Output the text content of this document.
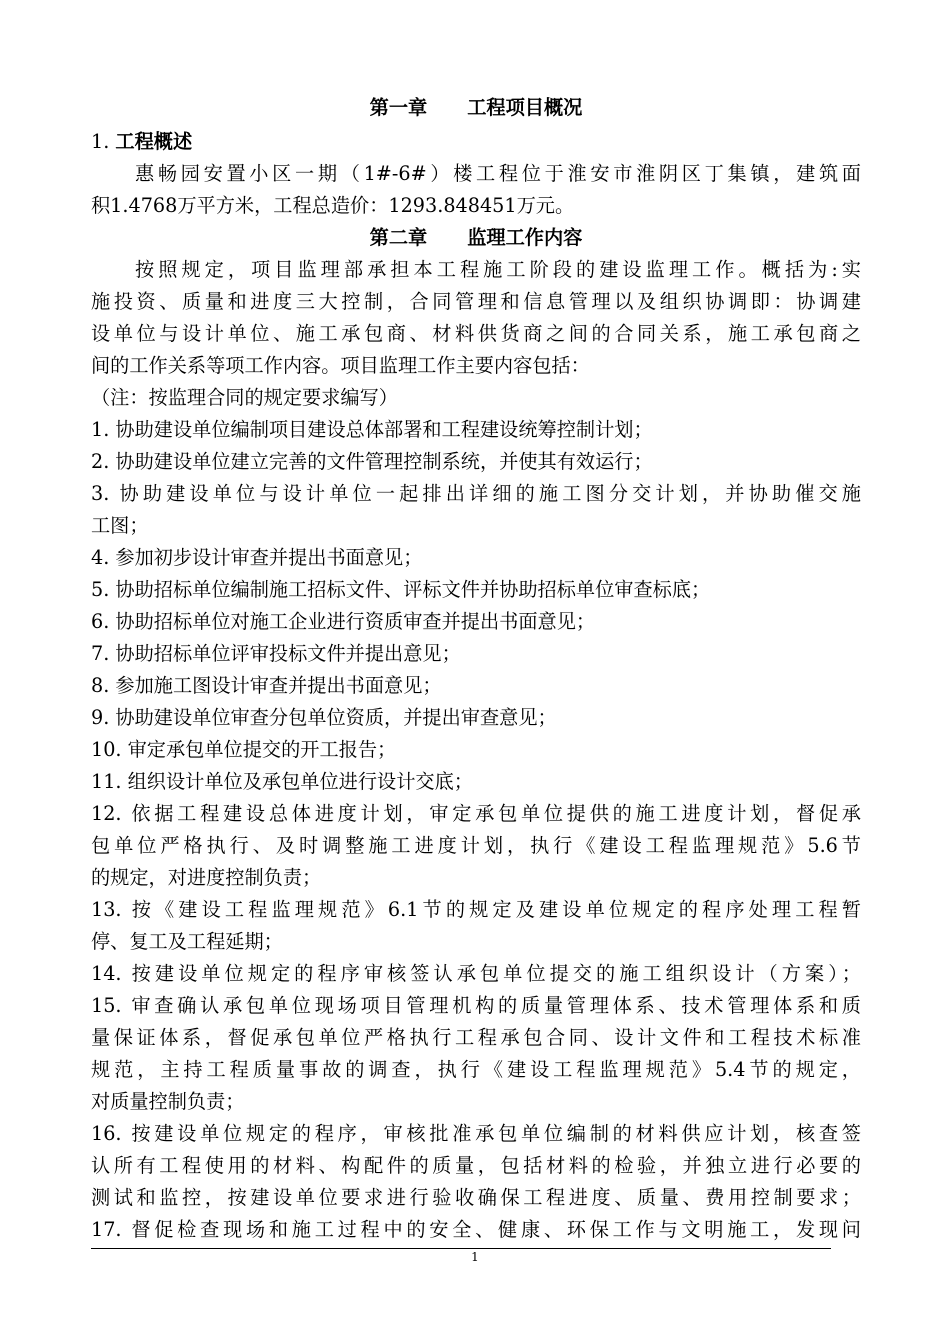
第一章 工程项目概况
1. 工程概述
惠畅园安置小区一期（1#-6#）楼工程位于淮安市淮阴区丁集镇，建筑面
积1.4768万平方米，工程总造价：1293.848451万元。
第二章 监理工作内容
按照规定，项目监理部承担本工程施工阶段的建设监理工作。概括为:实
施投资、质量和进度三大控制，合同管理和信息管理以及组织协调即：协调建
设单位与设计单位、施工承包商、材料供货商之间的合同关系，施工承包商之
间的工作关系等项工作内容。项目监理工作主要内容包括：
（注：按监理合同的规定要求编写）
1. 协助建设单位编制项目建设总体部署和工程建设统筹控制计划；
2. 协助建设单位建立完善的文件管理控制系统，并使其有效运行；
3. 协助建设单位与设计单位一起排出详细的施工图分交计划，并协助催交施
工图；
4. 参加初步设计审查并提出书面意见；
5. 协助招标单位编制施工招标文件、评标文件并协助招标单位审查标底；
6. 协助招标单位对施工企业进行资质审查并提出书面意见；
7. 协助招标单位评审投标文件并提出意见；
8. 参加施工图设计审查并提出书面意见；
9. 协助建设单位审查分包单位资质，并提出审查意见；
10. 审定承包单位提交的开工报告；
11. 组织设计单位及承包单位进行设计交底；
12. 依据工程建设总体进度计划，审定承包单位提供的施工进度计划，督促承
包单位严格执行、及时调整施工进度计划，执行《建设工程监理规范》5.6节
的规定，对进度控制负责；
13. 按《建设工程监理规范》6.1节的规定及建设单位规定的程序处理工程暂
停、复工及工程延期；
14. 按建设单位规定的程序审核签认承包单位提交的施工组织设计（方案）；
15. 审查确认承包单位现场项目管理机构的质量管理体系、技术管理体系和质
量保证体系，督促承包单位严格执行工程承包合同、设计文件和工程技术标准
规范，主持工程质量事故的调查，执行《建设工程监理规范》5.4节的规定，
对质量控制负责；
16. 按建设单位规定的程序，审核批准承包单位编制的材料供应计划，核查签
认所有工程使用的材料、构配件的质量，包括材料的检验，并独立进行必要的
测试和监控，按建设单位要求进行验收确保工程进度、质量、费用控制要求；
17. 督促检查现场和施工过程中的安全、健康、环保工作与文明施工，发现问
1
